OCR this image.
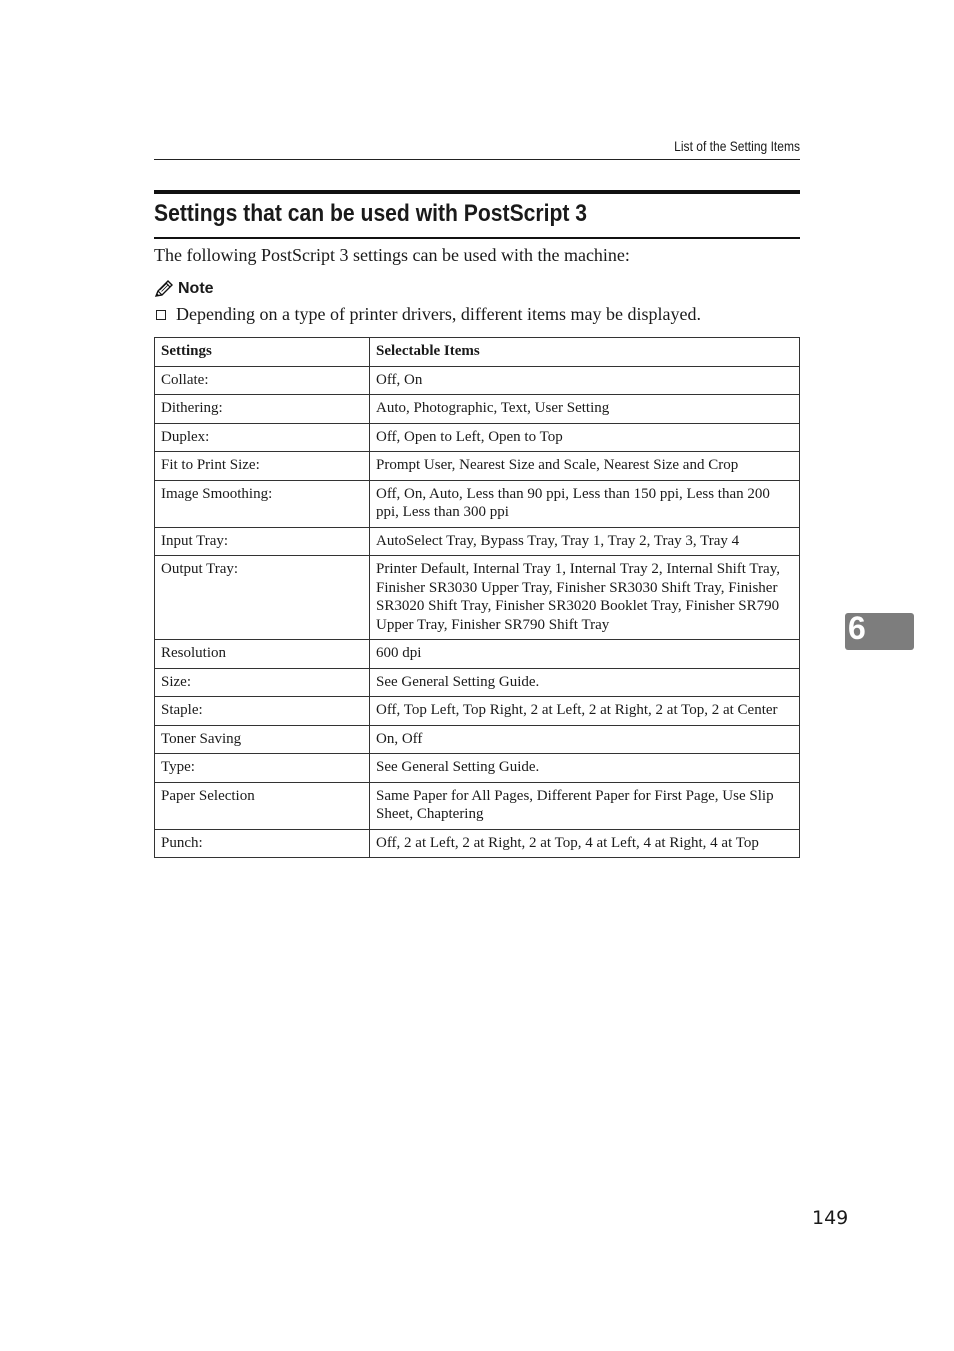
List of the Setting Items
Settings that can be used with PostScript 3
The following PostScript 3 settings can be used with the machine:
Note
Depending on a type of printer drivers, different items may be displayed.
Settings	Selectable Items
Collate:	Off, On
Dithering:	Auto, Photographic, Text, User Setting
Duplex:	Off, Open to Left, Open to Top
Fit to Print Size:	Prompt User, Nearest Size and Scale, Nearest Size and Crop
Image Smoothing:	Off, On, Auto, Less than 90 ppi, Less than 150 ppi, Less than 200 ppi, Less than 300 ppi
Input Tray:	AutoSelect Tray, Bypass Tray, Tray 1, Tray 2, Tray 3, Tray 4
Output Tray:	Printer Default, Internal Tray 1, Internal Tray 2, Internal Shift Tray, Finisher SR3030 Upper Tray, Finisher SR3030 Shift Tray, Finisher SR3020 Shift Tray, Finisher SR3020 Booklet Tray, Finisher SR790 Upper Tray, Finisher SR790 Shift Tray
Resolution	600 dpi
Size:	See General Setting Guide.
Staple:	Off, Top Left, Top Right, 2 at Left, 2 at Right, 2 at Top, 2 at Center
Toner Saving	On, Off
Type:	See General Setting Guide.
Paper Selection	Same Paper for All Pages, Different Paper for First Page, Use Slip Sheet, Chaptering
Punch:	Off, 2 at Left, 2 at Right, 2 at Top, 4 at Left, 4 at Right, 4 at Top
6
149
